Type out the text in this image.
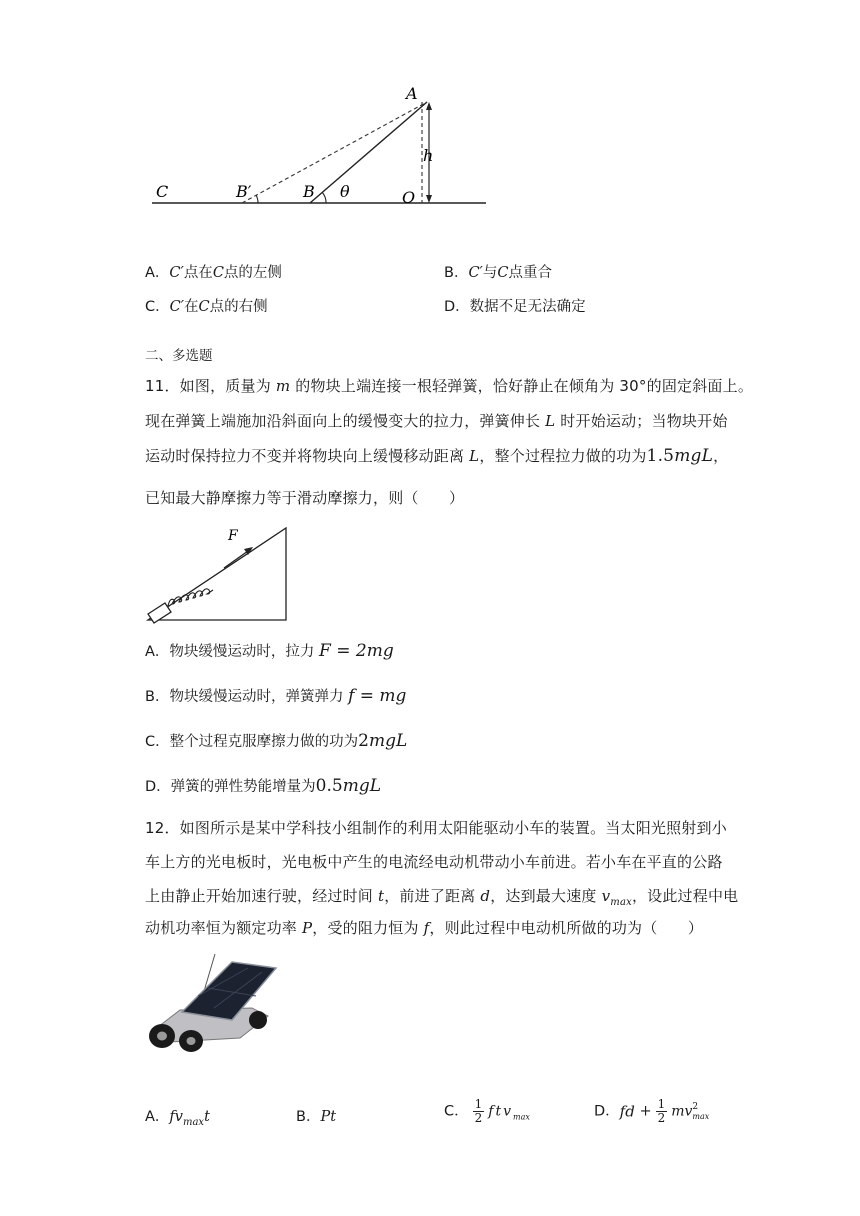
A
h
C	B′	B θ	O
A．C′点在C点的左侧	B．C′与C点重合
C．C′在C点的右侧	D．数据不足无法确定
二、多选题
11．如图，质量为 m 的物块上端连接一根轻弹簧，恰好静止在倾角为 30°的固定斜面上。
现在弹簧上端施加沿斜面向上的缓慢变大的拉力，弹簧伸长 L 时开始运动；当物块开始
运动时保持拉力不变并将物块向上缓慢移动距离 L，整个过程拉力做的功为1.5mgL，
已知最大静摩擦力等于滑动摩擦力，则（　　）
F
A．物块缓慢运动时，拉力 F = 2mg
B．物块缓慢运动时，弹簧弹力 f = mg
C．整个过程克服摩擦力做的功为2mgL
D．弹簧的弹性势能增量为0.5mgL
12．如图所示是某中学科技小组制作的利用太阳能驱动小车的装置。当太阳光照射到小
车上方的光电板时，光电板中产生的电流经电动机带动小车前进。若小车在平直的公路
上由静止开始加速行驶，经过时间 t，前进了距离 d，达到最大速度 $v_{max}$，设此过程中电
动机功率恒为额定功率 P，受的阻力恒为 f，则此过程中电动机所做的功为（　　）
A．$fv_{max}t$	B．Pt	C． $\frac{1}{2} ftv_{max}$	D．fd + $\frac{1}{2}$ mv 2
max
